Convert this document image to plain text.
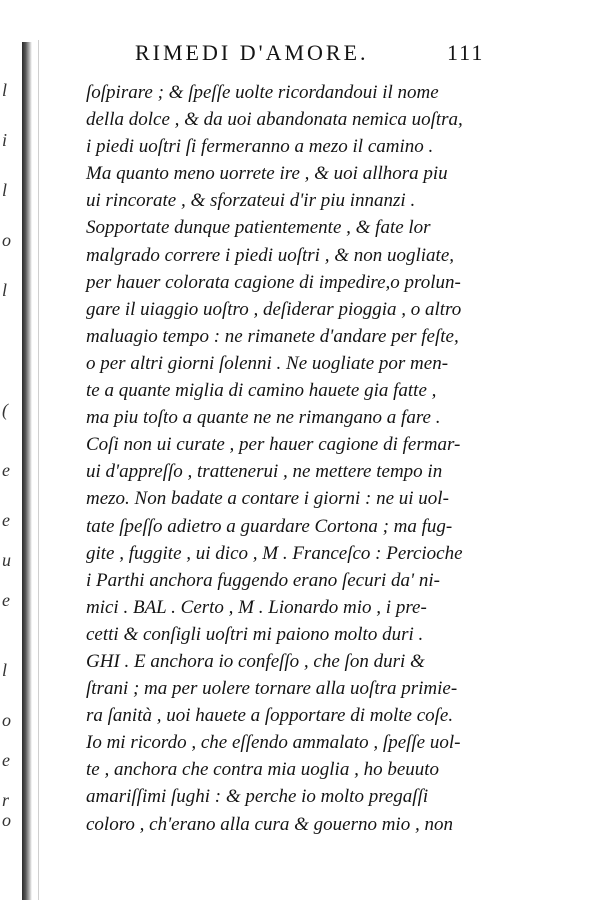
l
i
l
o
l
(
e
e
u
e
l
o
e
r
o
RIMEDI D'AMORE.	111
ſoſpirare ; & ſpeſſe uolte ricordandoui il nome
della dolce , & da uoi abandonata nemica uoſtra,
i piedi uoſtri ſi fermeranno a mezo il camino .
Ma quanto meno uorrete ire , & uoi allhora piu
ui rincorate , & sforzateui d'ir piu innanzi .
Sopportate dunque patientemente , & fate lor
malgrado correre i piedi uoſtri , & non uogliate,
per hauer colorata cagione di impedire,o prolun-
gare il uiaggio uoſtro , deſiderar pioggia , o altro
maluagio tempo : ne rimanete d'andare per feſte,
o per altri giorni ſolenni . Ne uogliate por men-
te a quante miglia di camino hauete gia fatte ,
ma piu toſto a quante ne ne rimangano a fare .
Coſi non ui curate , per hauer cagione di fermar-
ui d'appreſſo , trattenerui , ne mettere tempo in
mezo. Non badate a contare i giorni : ne ui uol-
tate ſpeſſo adietro a guardare Cortona ; ma fug-
gite , fuggite , ui dico , M . Franceſco : Percioche
i Parthi anchora fuggendo erano ſecuri da' ni-
mici . BAL . Certo , M . Lionardo mio , i pre-
cetti & conſigli uoſtri mi paiono molto duri .
GHI . E anchora io confeſſo , che ſon duri &
ſtrani ; ma per uolere tornare alla uoſtra primie-
ra ſanità , uoi hauete a ſopportare di molte coſe.
Io mi ricordo , che eſſendo ammalato , ſpeſſe uol-
te , anchora che contra mia uoglia , ho beuuto
amariſſimi ſughi : & perche io molto pregaſſi
coloro , ch'erano alla cura & gouerno mio , non
